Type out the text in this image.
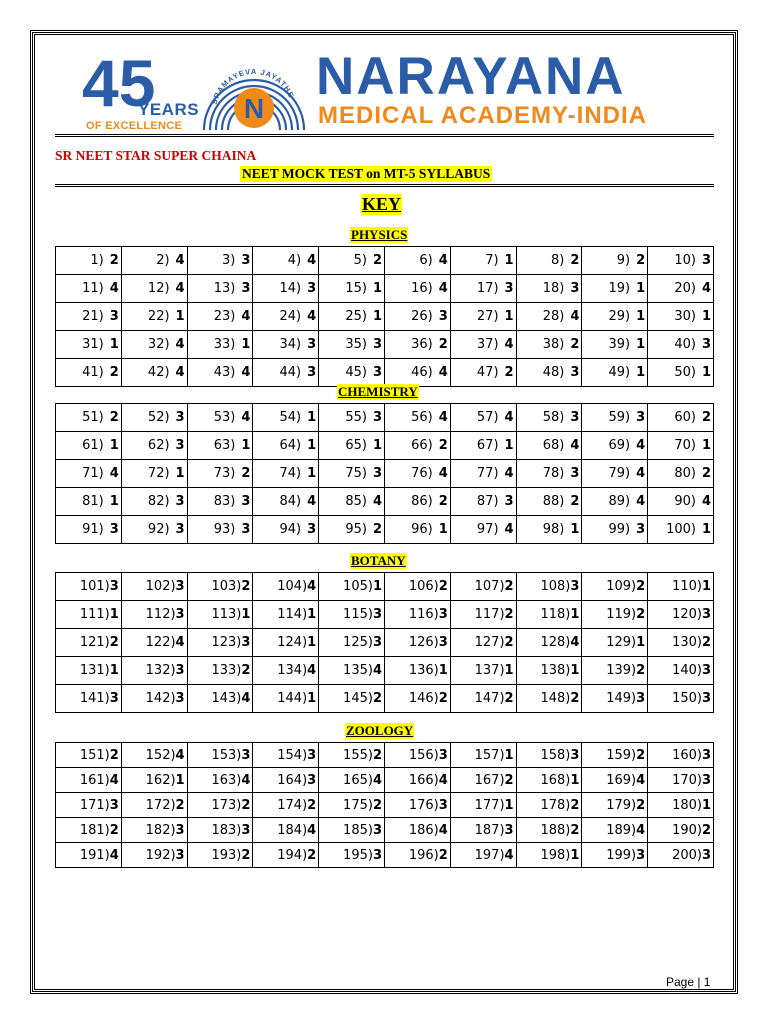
45
YEARS
OF EXCELLENCE
N
SRAMAYEVA JAYATHE NARAYANA
MEDICAL ACADEMY-INDIA
SR NEET STAR SUPER CHAINA
NEET MOCK TEST on MT-5 SYLLABUS
KEY
PHYSICS
1) 2	2) 4	3) 3	4) 4	5) 2	6) 4	7) 1	8) 2	9) 2	10) 3

11) 4	12) 4	13) 3	14) 3	15) 1	16) 4	17) 3	18) 3	19) 1	20) 4

21) 3	22) 1	23) 4	24) 4	25) 1	26) 3	27) 1	28) 4	29) 1	30) 1

31) 1	32) 4	33) 1	34) 3	35) 3	36) 2	37) 4	38) 2	39) 1	40) 3

41) 2	42) 4	43) 4	44) 3	45) 3	46) 4	47) 2	48) 3	49) 1	50) 1
CHEMISTRY
51) 2	52) 3	53) 4	54) 1	55) 3	56) 4	57) 4	58) 3	59) 3	60) 2

61) 1	62) 3	63) 1	64) 1	65) 1	66) 2	67) 1	68) 4	69) 4	70) 1

71) 4	72) 1	73) 2	74) 1	75) 3	76) 4	77) 4	78) 3	79) 4	80) 2

81) 1	82) 3	83) 3	84) 4	85) 4	86) 2	87) 3	88) 2	89) 4	90) 4

91) 3	92) 3	93) 3	94) 3	95) 2	96) 1	97) 4	98) 1	99) 3	100) 1
BOTANY
101) 3	102) 3	103) 2	104) 4	105) 1	106) 2	107) 2	108) 3	109) 2	110) 1

111) 1	112) 3	113) 1	114) 1	115) 3	116) 3	117) 2	118) 1	119) 2	120) 3

121) 2	122) 4	123) 3	124) 1	125) 3	126) 3	127) 2	128) 4	129) 1	130) 2

131) 1	132) 3	133) 2	134) 4	135) 4	136) 1	137) 1	138) 1	139) 2	140) 3

141) 3	142) 3	143) 4	144) 1	145) 2	146) 2	147) 2	148) 2	149) 3	150) 3
ZOOLOGY
151) 2	152) 4	153) 3	154) 3	155) 2	156) 3	157) 1	158) 3	159) 2	160) 3

161) 4	162) 1	163) 4	164) 3	165) 4	166) 4	167) 2	168) 1	169) 4	170) 3

171) 3	172) 2	173) 2	174) 2	175) 2	176) 3	177) 1	178) 2	179) 2	180) 1

181) 2	182) 3	183) 3	184) 4	185) 3	186) 4	187) 3	188) 2	189) 4	190) 2

191) 4	192) 3	193) 2	194) 2	195) 3	196) 2	197) 4	198) 1	199) 3	200) 3
Page | 1
